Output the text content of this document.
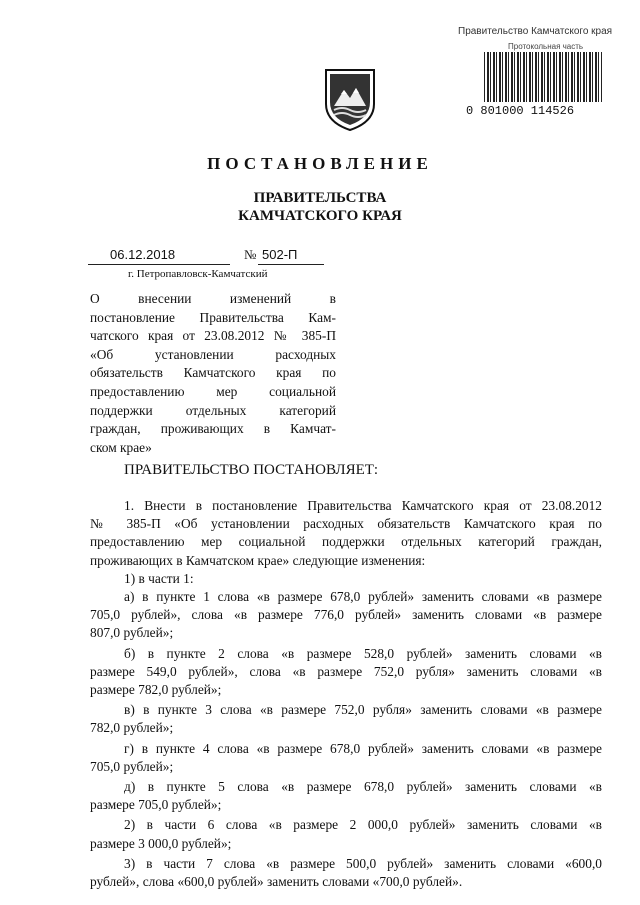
Правительство Камчатского края
Протокольная часть
0 801000 114526
ПОСТАНОВЛЕНИЕ
ПРАВИТЕЛЬСТВА
КАМЧАТСКОГО КРАЯ
06.12.2018	№ 502-П
г. Петропавловск-Камчатский
О внесении изменений в
постановление Правительства Кам-
чатского края от 23.08.2012 № 385-П
«Об установлении расходных
обязательств Камчатского края по
предоставлению мер социальной
поддержки отдельных категорий
граждан, проживающих в Камчат-
ском крае»
ПРАВИТЕЛЬСТВО ПОСТАНОВЛЯЕТ:
1. Внести в постановление Правительства Камчатского края от 23.08.2012
№ 385-П «Об установлении расходных обязательств Камчатского края по
предоставлению мер социальной поддержки отдельных категорий граждан,
проживающих в Камчатском крае» следующие изменения:
1) в части 1:
а) в пункте 1 слова «в размере 678,0 рублей» заменить словами «в размере
705,0 рублей», слова «в размере 776,0 рублей» заменить словами «в размере
807,0 рублей»;
б) в пункте 2 слова «в размере 528,0 рублей» заменить словами «в
размере 549,0 рублей», слова «в размере 752,0 рубля» заменить словами «в
размере 782,0 рублей»;
в) в пункте 3 слова «в размере 752,0 рубля» заменить словами «в размере
782,0 рублей»;
г) в пункте 4 слова «в размере 678,0 рублей» заменить словами «в размере
705,0 рублей»;
д) в пункте 5 слова «в размере 678,0 рублей» заменить словами «в
размере 705,0 рублей»;
2) в части 6 слова «в размере 2 000,0 рублей» заменить словами «в
размере 3 000,0 рублей»;
3) в части 7 слова «в размере 500,0 рублей» заменить словами «600,0
рублей», слова «600,0 рублей» заменить словами «700,0 рублей».
